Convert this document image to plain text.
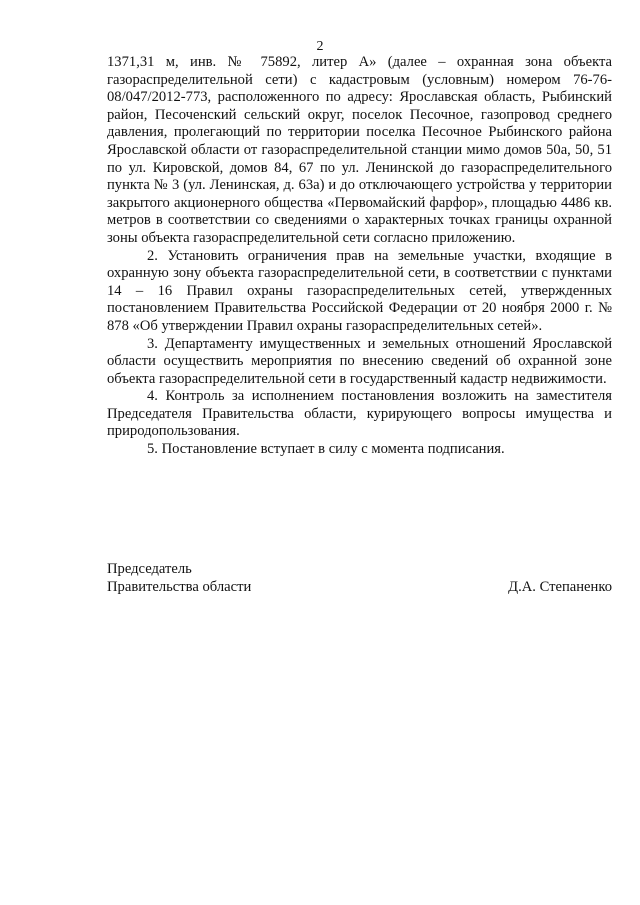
2

1371,31 м, инв. № 75892, литер А» (далее – охранная зона объекта газораспределительной сети) с кадастровым (условным) номером 76-76-08/047/2012-773, расположенного по адресу: Ярославская область, Рыбинский район, Песоченский сельский округ, поселок Песочное, газопровод среднего давления, пролегающий по территории поселка Песочное Рыбинского района Ярославской области от газораспределительной станции мимо домов 50а, 50, 51 по ул. Кировской, домов 84, 67 по ул. Ленинской до газораспределительного пункта № 3 (ул. Ленинская, д. 63а) и до отключающего устройства у территории закрытого акционерного общества «Первомайский фарфор», площадью 4486 кв. метров в соответствии со сведениями о характерных точках границы охранной зоны объекта газораспределительной сети согласно приложению.

2. Установить ограничения прав на земельные участки, входящие в охранную зону объекта газораспределительной сети, в соответствии с пунктами 14 – 16 Правил охраны газораспределительных сетей, утвержденных постановлением Правительства Российской Федерации от 20 ноября 2000 г. № 878 «Об утверждении Правил охраны газораспределительных сетей».

3. Департаменту имущественных и земельных отношений Ярославской области осуществить мероприятия по внесению сведений об охранной зоне объекта газораспределительной сети в государственный кадастр недвижимости.

4. Контроль за исполнением постановления возложить на заместителя Председателя Правительства области, курирующего вопросы имущества и природопользования.

5. Постановление вступает в силу с момента подписания.

Председатель
Правительства области	Д.А. Степаненко
